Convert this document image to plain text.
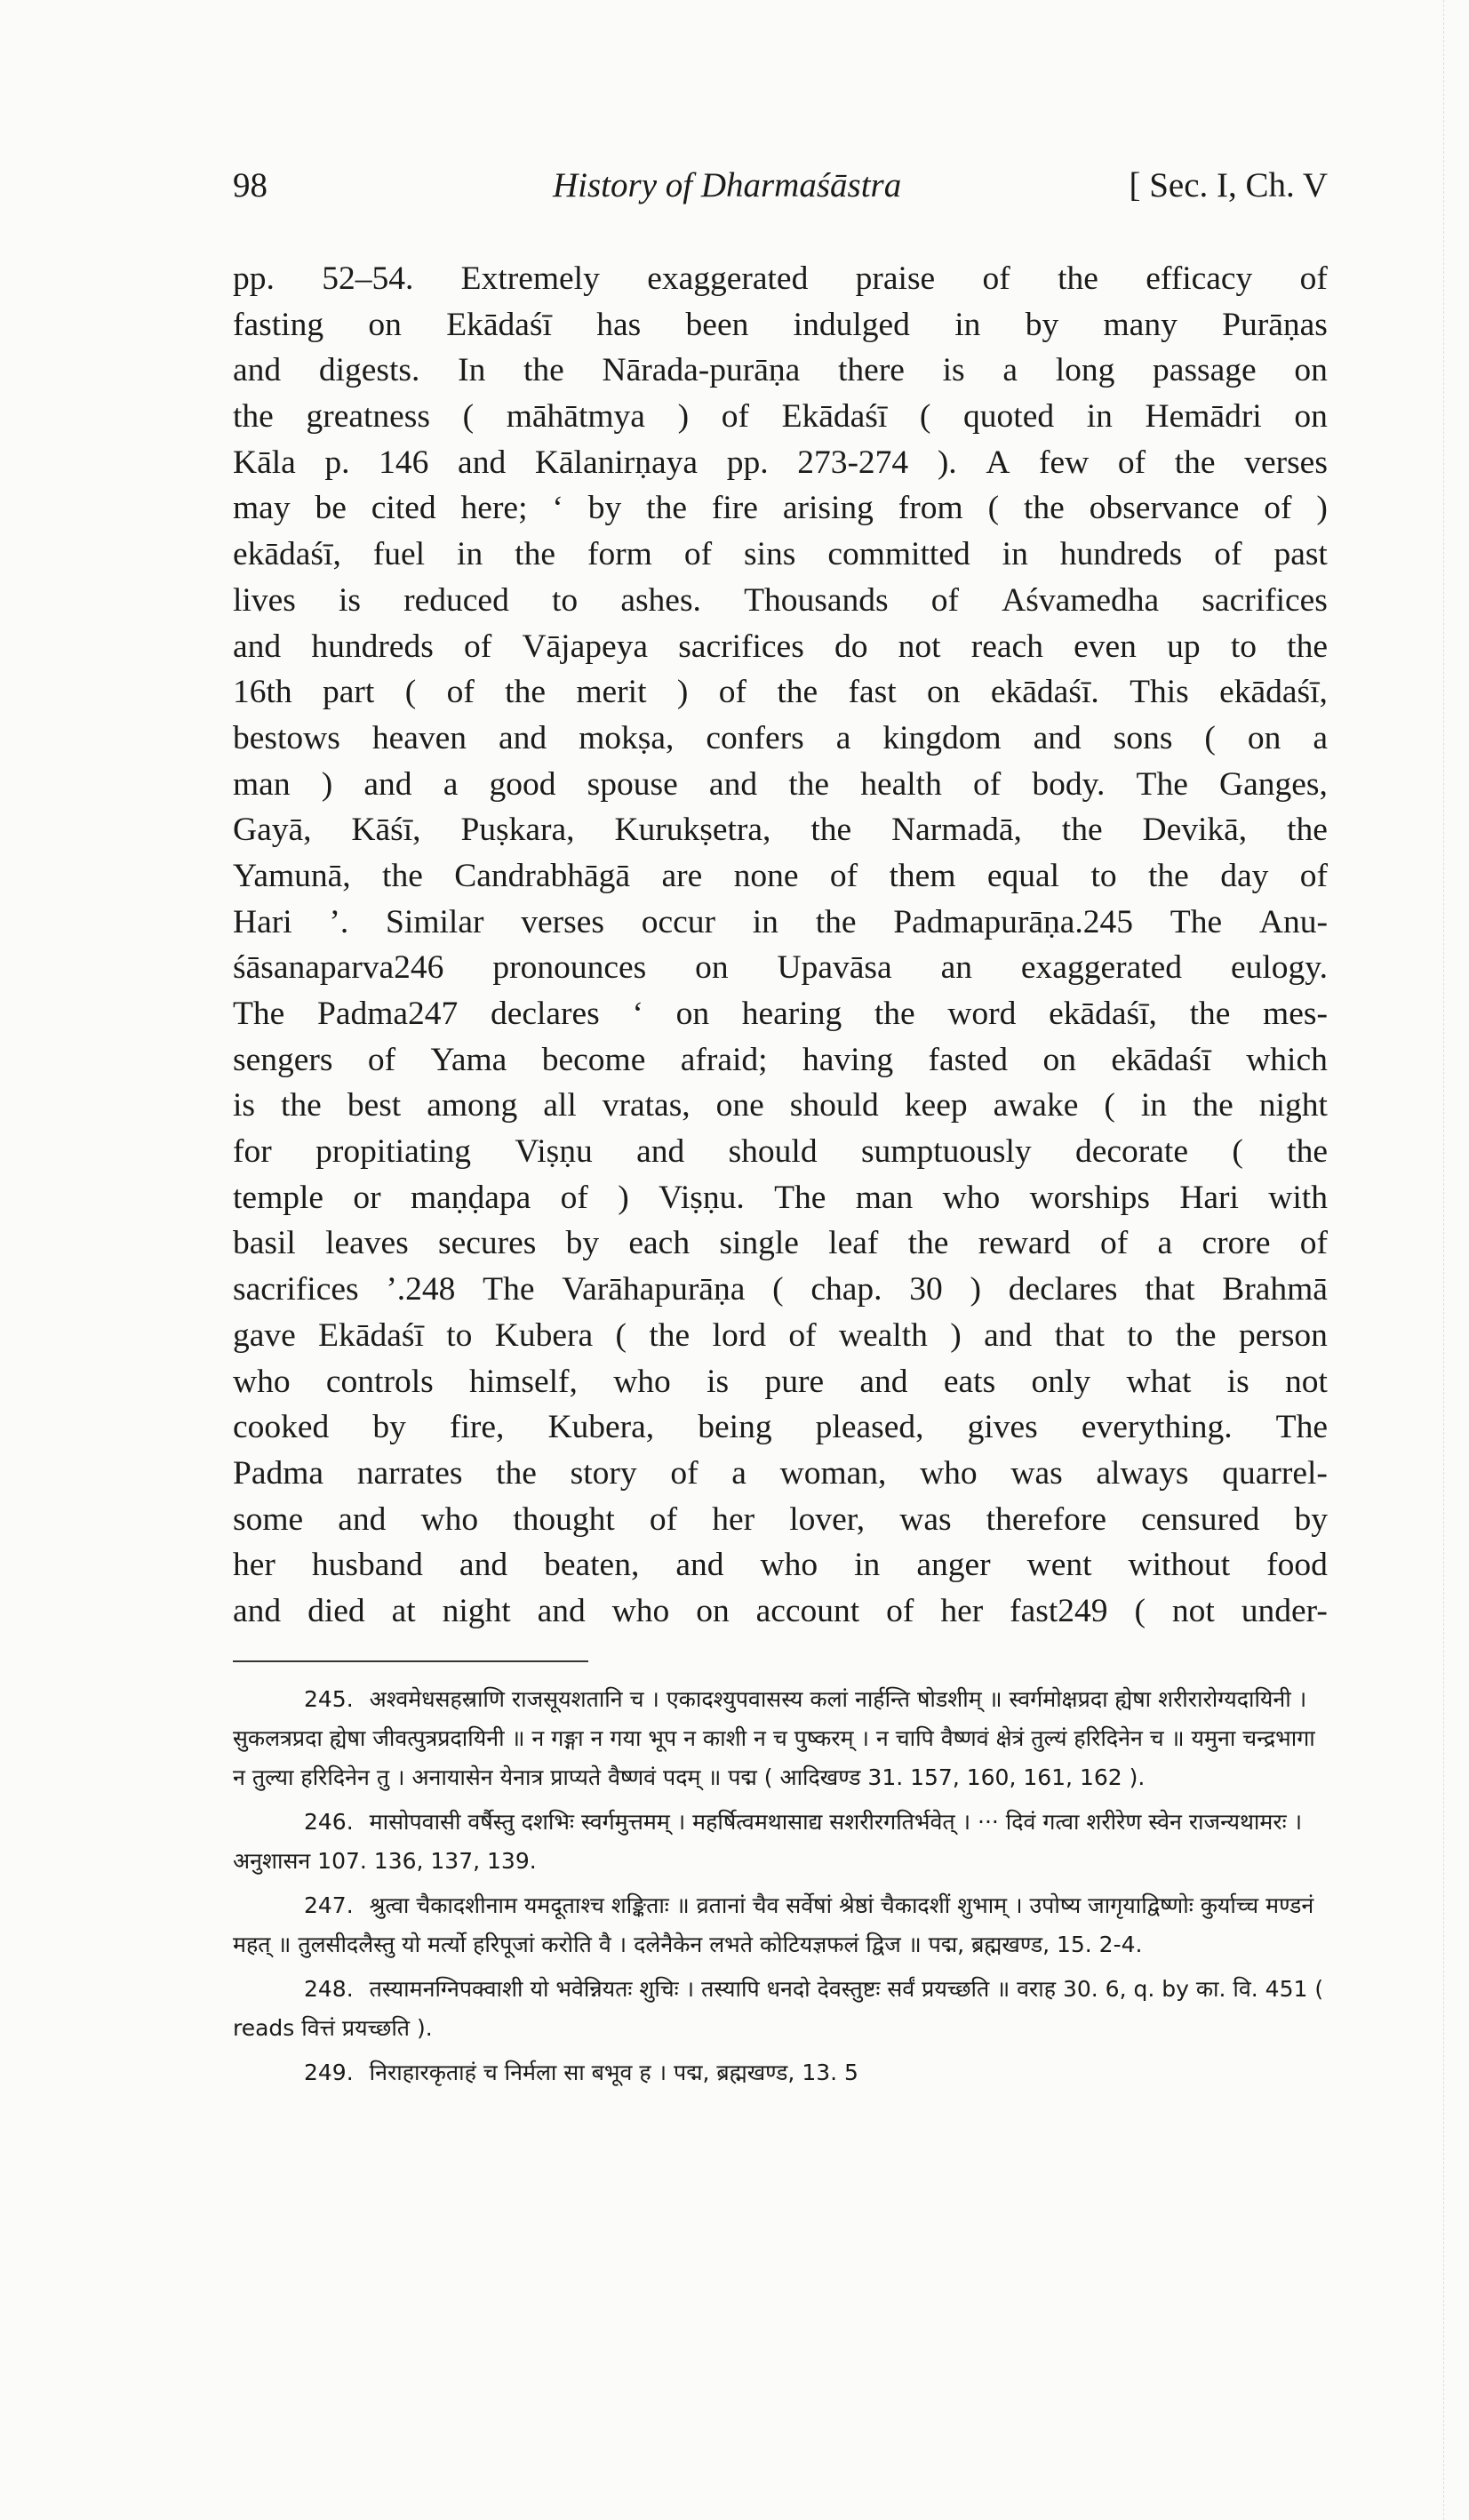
98	History of Dharmaśāstra	[ Sec. I, Ch. V
pp. 52–54. Extremely exaggerated praise of the efficacy of
fasting on Ekādaśī has been indulged in by many Purāṇas
and digests. In the Nārada-purāṇa there is a long passage on
the greatness ( māhātmya ) of Ekādaśī ( quoted in Hemādri on
Kāla p. 146 and Kālanirṇaya pp. 273-274 ). A few of the verses
may be cited here; ‘ by the fire arising from ( the observance of )
ekādaśī, fuel in the form of sins committed in hundreds of past
lives is reduced to ashes. Thousands of Aśvamedha sacrifices
and hundreds of Vājapeya sacrifices do not reach even up to the
16th part ( of the merit ) of the fast on ekādaśī. This ekādaśī,
bestows heaven and mokṣa, confers a kingdom and sons ( on a
man ) and a good spouse and the health of body. The Ganges,
Gayā, Kāśī, Puṣkara, Kurukṣetra, the Narmadā, the Devikā, the
Yamunā, the Candrabhāgā are none of them equal to the day of
Hari ’. Similar verses occur in the Padmapurāṇa.245 The Anu-
śāsanaparva246 pronounces on Upavāsa an exaggerated eulogy.
The Padma247 declares ‘ on hearing the word ekādaśī, the mes-
sengers of Yama become afraid; having fasted on ekādaśī which
is the best among all vratas, one should keep awake ( in the night
for propitiating Viṣṇu and should sumptuously decorate ( the
temple or maṇḍapa of ) Viṣṇu. The man who worships Hari with
basil leaves secures by each single leaf the reward of a crore of
sacrifices ’.248 The Varāhapurāṇa ( chap. 30 ) declares that Brahmā
gave Ekādaśī to Kubera ( the lord of wealth ) and that to the person
who controls himself, who is pure and eats only what is not
cooked by fire, Kubera, being pleased, gives everything. The
Padma narrates the story of a woman, who was always quarrel-
some and who thought of her lover, was therefore censured by
her husband and beaten, and who in anger went without food
and died at night and who on account of her fast249 ( not under-
245. अश्वमेधसहस्राणि राजसूयशतानि च । एकादश्युपवासस्य कलां नार्हन्ति षोडशीम् ॥ स्वर्गमोक्षप्रदा ह्येषा शरीरारोग्यदायिनी । सुकलत्रप्रदा ह्येषा जीवत्पुत्रप्रदायिनी ॥ न गङ्गा न गया भूप न काशी न च पुष्करम् । न चापि वैष्णवं क्षेत्रं तुल्यं हरिदिनेन च ॥ यमुना चन्द्रभागा न तुल्या हरिदिनेन तु । अनायासेन येनात्र प्राप्यते वैष्णवं पदम् ॥ पद्म ( आदिखण्ड 31. 157, 160, 161, 162 ).
246. मासोपवासी वर्षैस्तु दशभिः स्वर्गमुत्तमम् । महर्षित्वमथासाद्य सशरीरगतिर्भवेत् । ··· दिवं गत्वा शरीरेण स्वेन राजन्यथामरः । अनुशासन 107. 136, 137, 139.
247. श्रुत्वा चैकादशीनाम यमदूताश्च शङ्किताः ॥ व्रतानां चैव सर्वेषां श्रेष्ठां चैकादशीं शुभाम् । उपोष्य जागृयाद्विष्णोः कुर्याच्च मण्डनं महत् ॥ तुलसीदलैस्तु यो मर्त्यो हरिपूजां करोति वै । दलेनैकेन लभते कोटियज्ञफलं द्विज ॥ पद्म, ब्रह्मखण्ड, 15. 2-4.
248. तस्यामनग्निपक्वाशी यो भवेन्नियतः शुचिः । तस्यापि धनदो देवस्तुष्टः सर्वं प्रयच्छति ॥ वराह 30. 6, q. by का. वि. 451 ( reads वित्तं प्रयच्छति ).
249. निराहारकृताहं च निर्मला सा बभूव ह । पद्म, ब्रह्मखण्ड, 13. 5
